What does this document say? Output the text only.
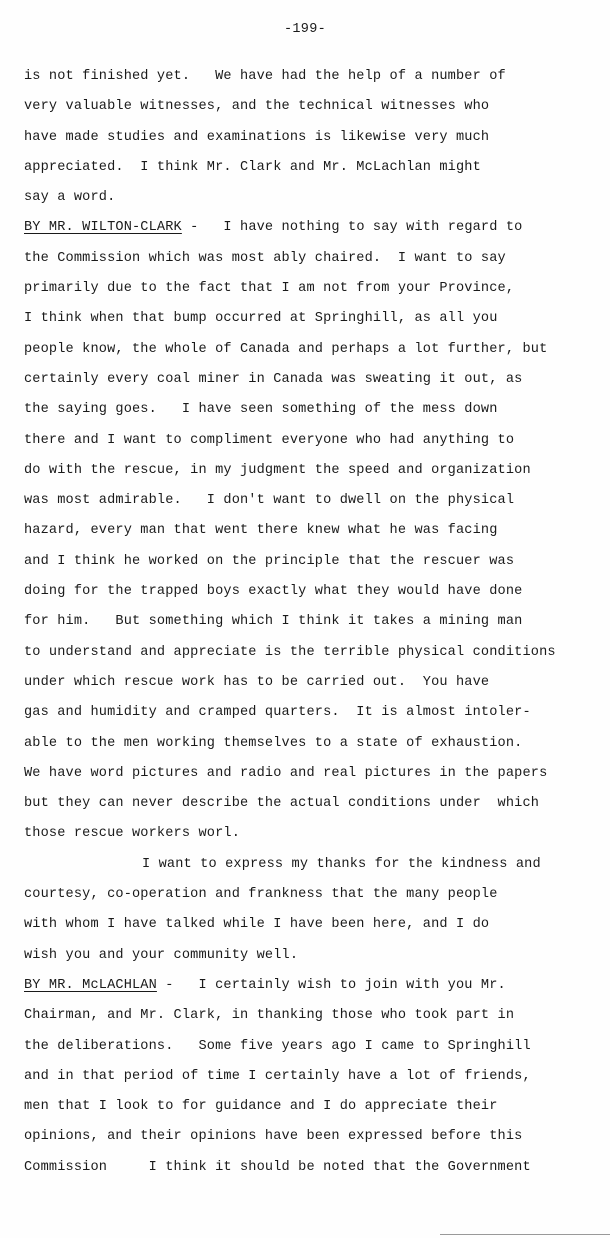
-199-
is not finished yet.   We have had the help of a number of
very valuable witnesses, and the technical witnesses who
have made studies and examinations is likewise very much
appreciated.  I think Mr. Clark and Mr. McLachlan might
say a word.
BY MR. WILTON-CLARK -   I have nothing to say with regard to
the Commission which was most ably chaired.  I want to say
primarily due to the fact that I am not from your Province,
I think when that bump occurred at Springhill, as all you
people know, the whole of Canada and perhaps a lot further, but
certainly every coal miner in Canada was sweating it out, as
the saying goes.   I have seen something of the mess down
there and I want to compliment everyone who had anything to
do with the rescue, in my judgment the speed and organization
was most admirable.   I don't want to dwell on the physical
hazard, every man that went there knew what he was facing
and I think he worked on the principle that the rescuer was
doing for the trapped boys exactly what they would have done
for him.   But something which I think it takes a mining man
to understand and appreciate is the terrible physical conditions
under which rescue work has to be carried out.  You have
gas and humidity and cramped quarters.  It is almost intoler-
able to the men working themselves to a state of exhaustion.
We have word pictures and radio and real pictures in the papers
but they can never describe the actual conditions under  which
those rescue workers worl.
I want to express my thanks for the kindness and
courtesy, co-operation and frankness that the many people
with whom I have talked while I have been here, and I do
wish you and your community well.
BY MR. McLACHLAN -   I certainly wish to join with you Mr.
Chairman, and Mr. Clark, in thanking those who took part in
the deliberations.   Some five years ago I came to Springhill
and in that period of time I certainly have a lot of friends,
men that I look to for guidance and I do appreciate their
opinions, and their opinions have been expressed before this
Commission     I think it should be noted that the Government
